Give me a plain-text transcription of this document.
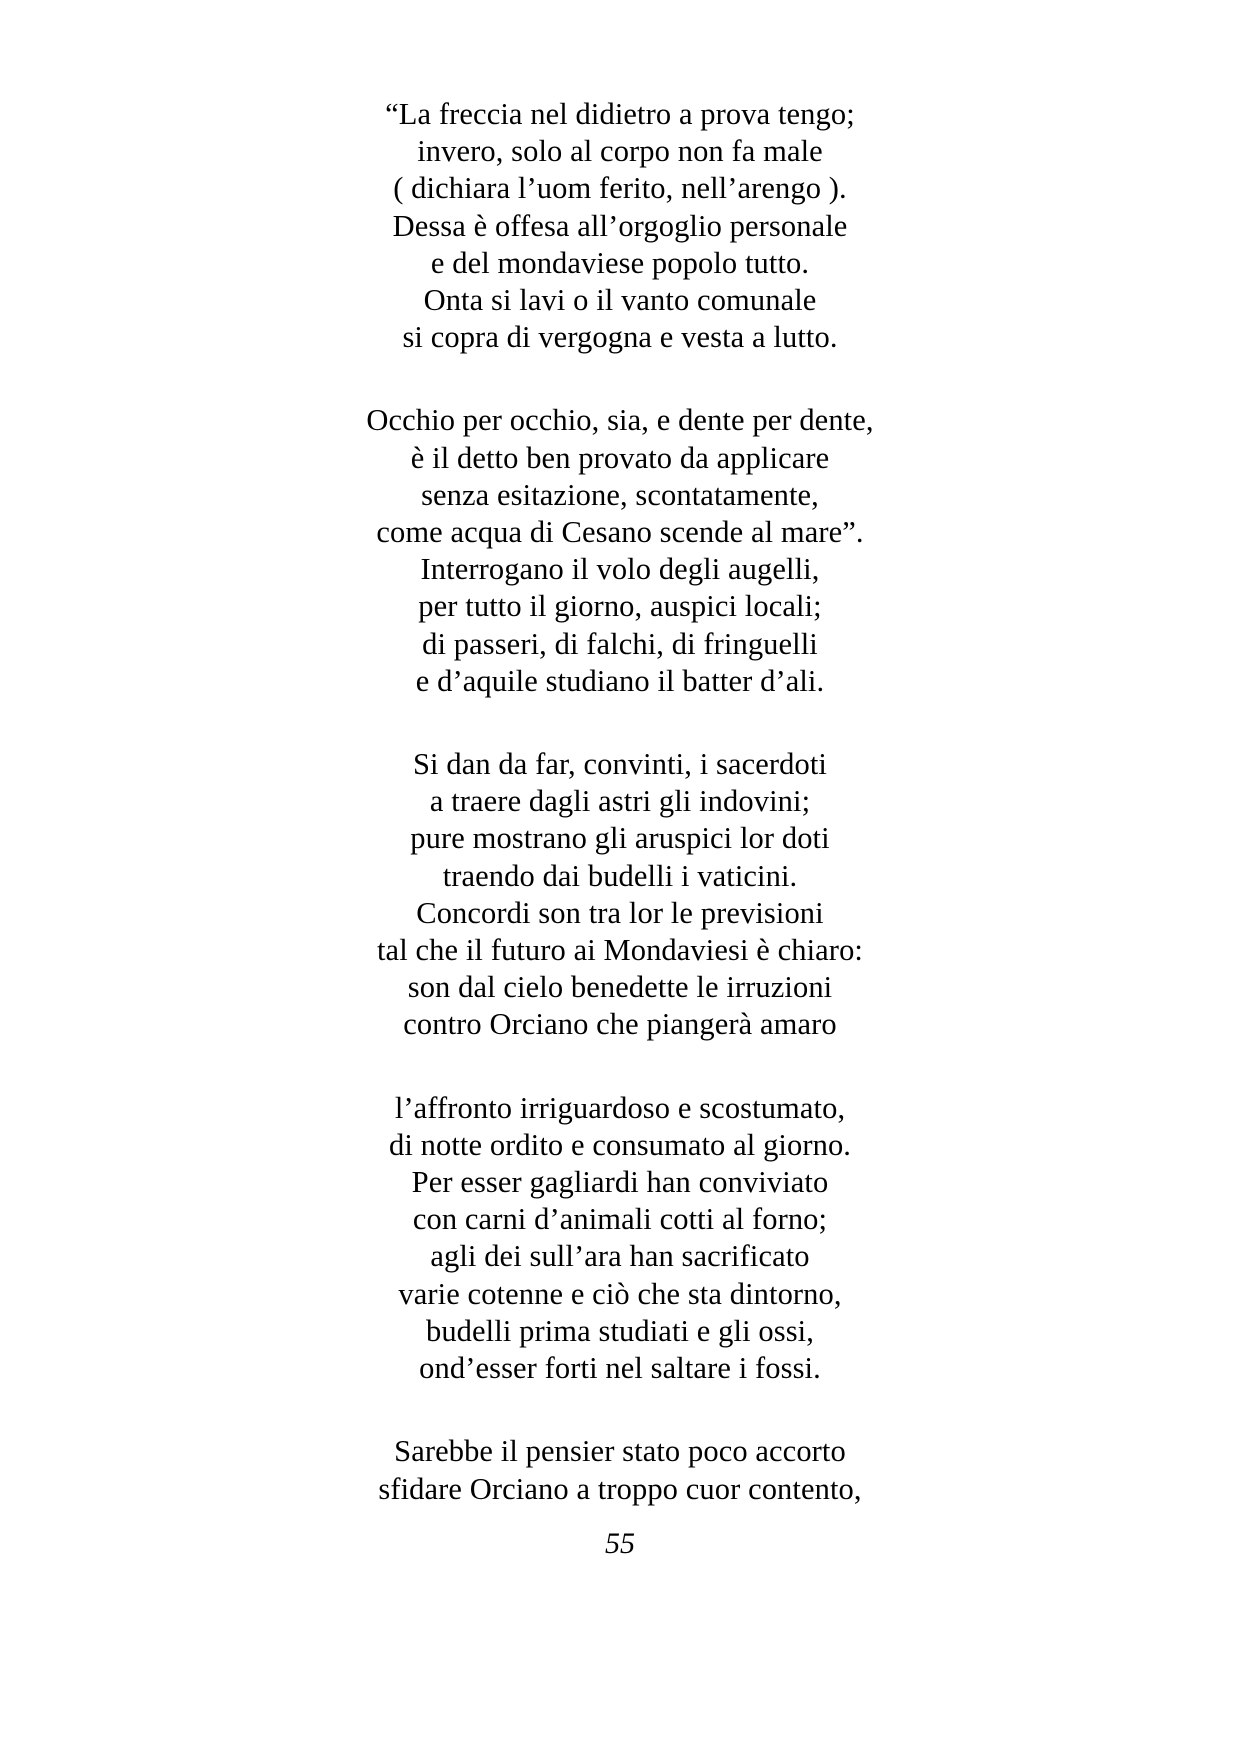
“La freccia nel didietro a prova tengo;
invero, solo al corpo non fa male
( dichiara l’uom ferito, nell’arengo ).
Dessa è offesa all’orgoglio personale
e del mondaviese popolo tutto.
Onta si lavi o il vanto comunale
si copra di vergogna e vesta a lutto.
Occhio per occhio, sia, e dente per dente,
è il detto ben provato da applicare
senza esitazione, scontatamente,
come acqua di Cesano scende al mare”.
Interrogano il volo degli augelli,
per tutto il giorno, auspici locali;
di passeri, di falchi, di fringuelli
e d’aquile studiano il batter d’ali.
Si dan da far, convinti, i sacerdoti
a traere dagli astri gli indovini;
pure mostrano gli aruspici lor doti
traendo dai budelli i vaticini.
Concordi son tra lor le previsioni
tal che il futuro ai Mondaviesi è chiaro:
son dal cielo benedette le irruzioni
contro Orciano che piangerà amaro
l’affronto irriguardoso e scostumato,
di notte ordito e consumato al giorno.
Per esser gagliardi han conviviato
con carni d’animali cotti al forno;
agli dei sull’ara han sacrificato
varie cotenne e ciò che sta dintorno,
budelli prima studiati e gli ossi,
ond’esser forti nel saltare i fossi.
Sarebbe il pensier stato poco accorto
sfidare Orciano a troppo cuor contento,
55
